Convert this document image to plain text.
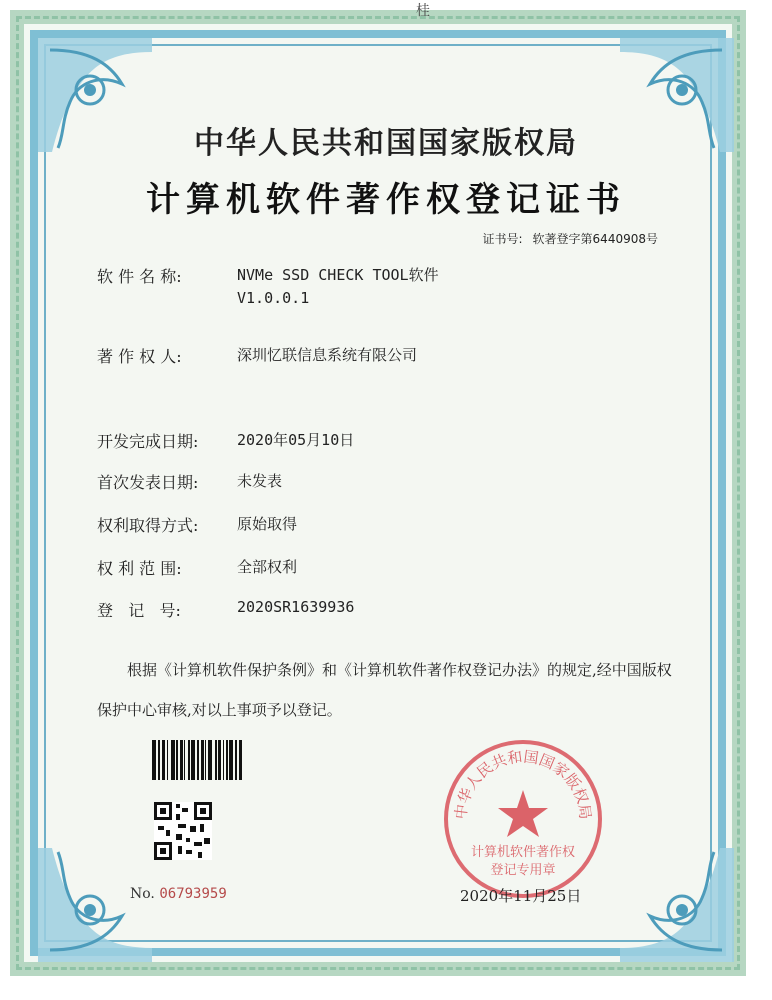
桂
中华人民共和国国家版权局
计算机软件著作权登记证书
证书号: 软著登字第6440908号
软 件 名 称:	NVMe SSD CHECK TOOL软件
V1.0.0.1
著 作 权 人:	深圳忆联信息系统有限公司
开发完成日期:	2020年05月10日
首次发表日期:	未发表
权利取得方式:	原始取得
权 利 范 围:	全部权利
登   记   号:	2020SR1639936
根据《计算机软件保护条例》和《计算机软件著作权登记办法》的规定,经中国版权保护中心审核,对以上事项予以登记。
No. 06793959
中华人民共和国国家版权局
计算机软件著作权
登记专用章
2020年11月25日
